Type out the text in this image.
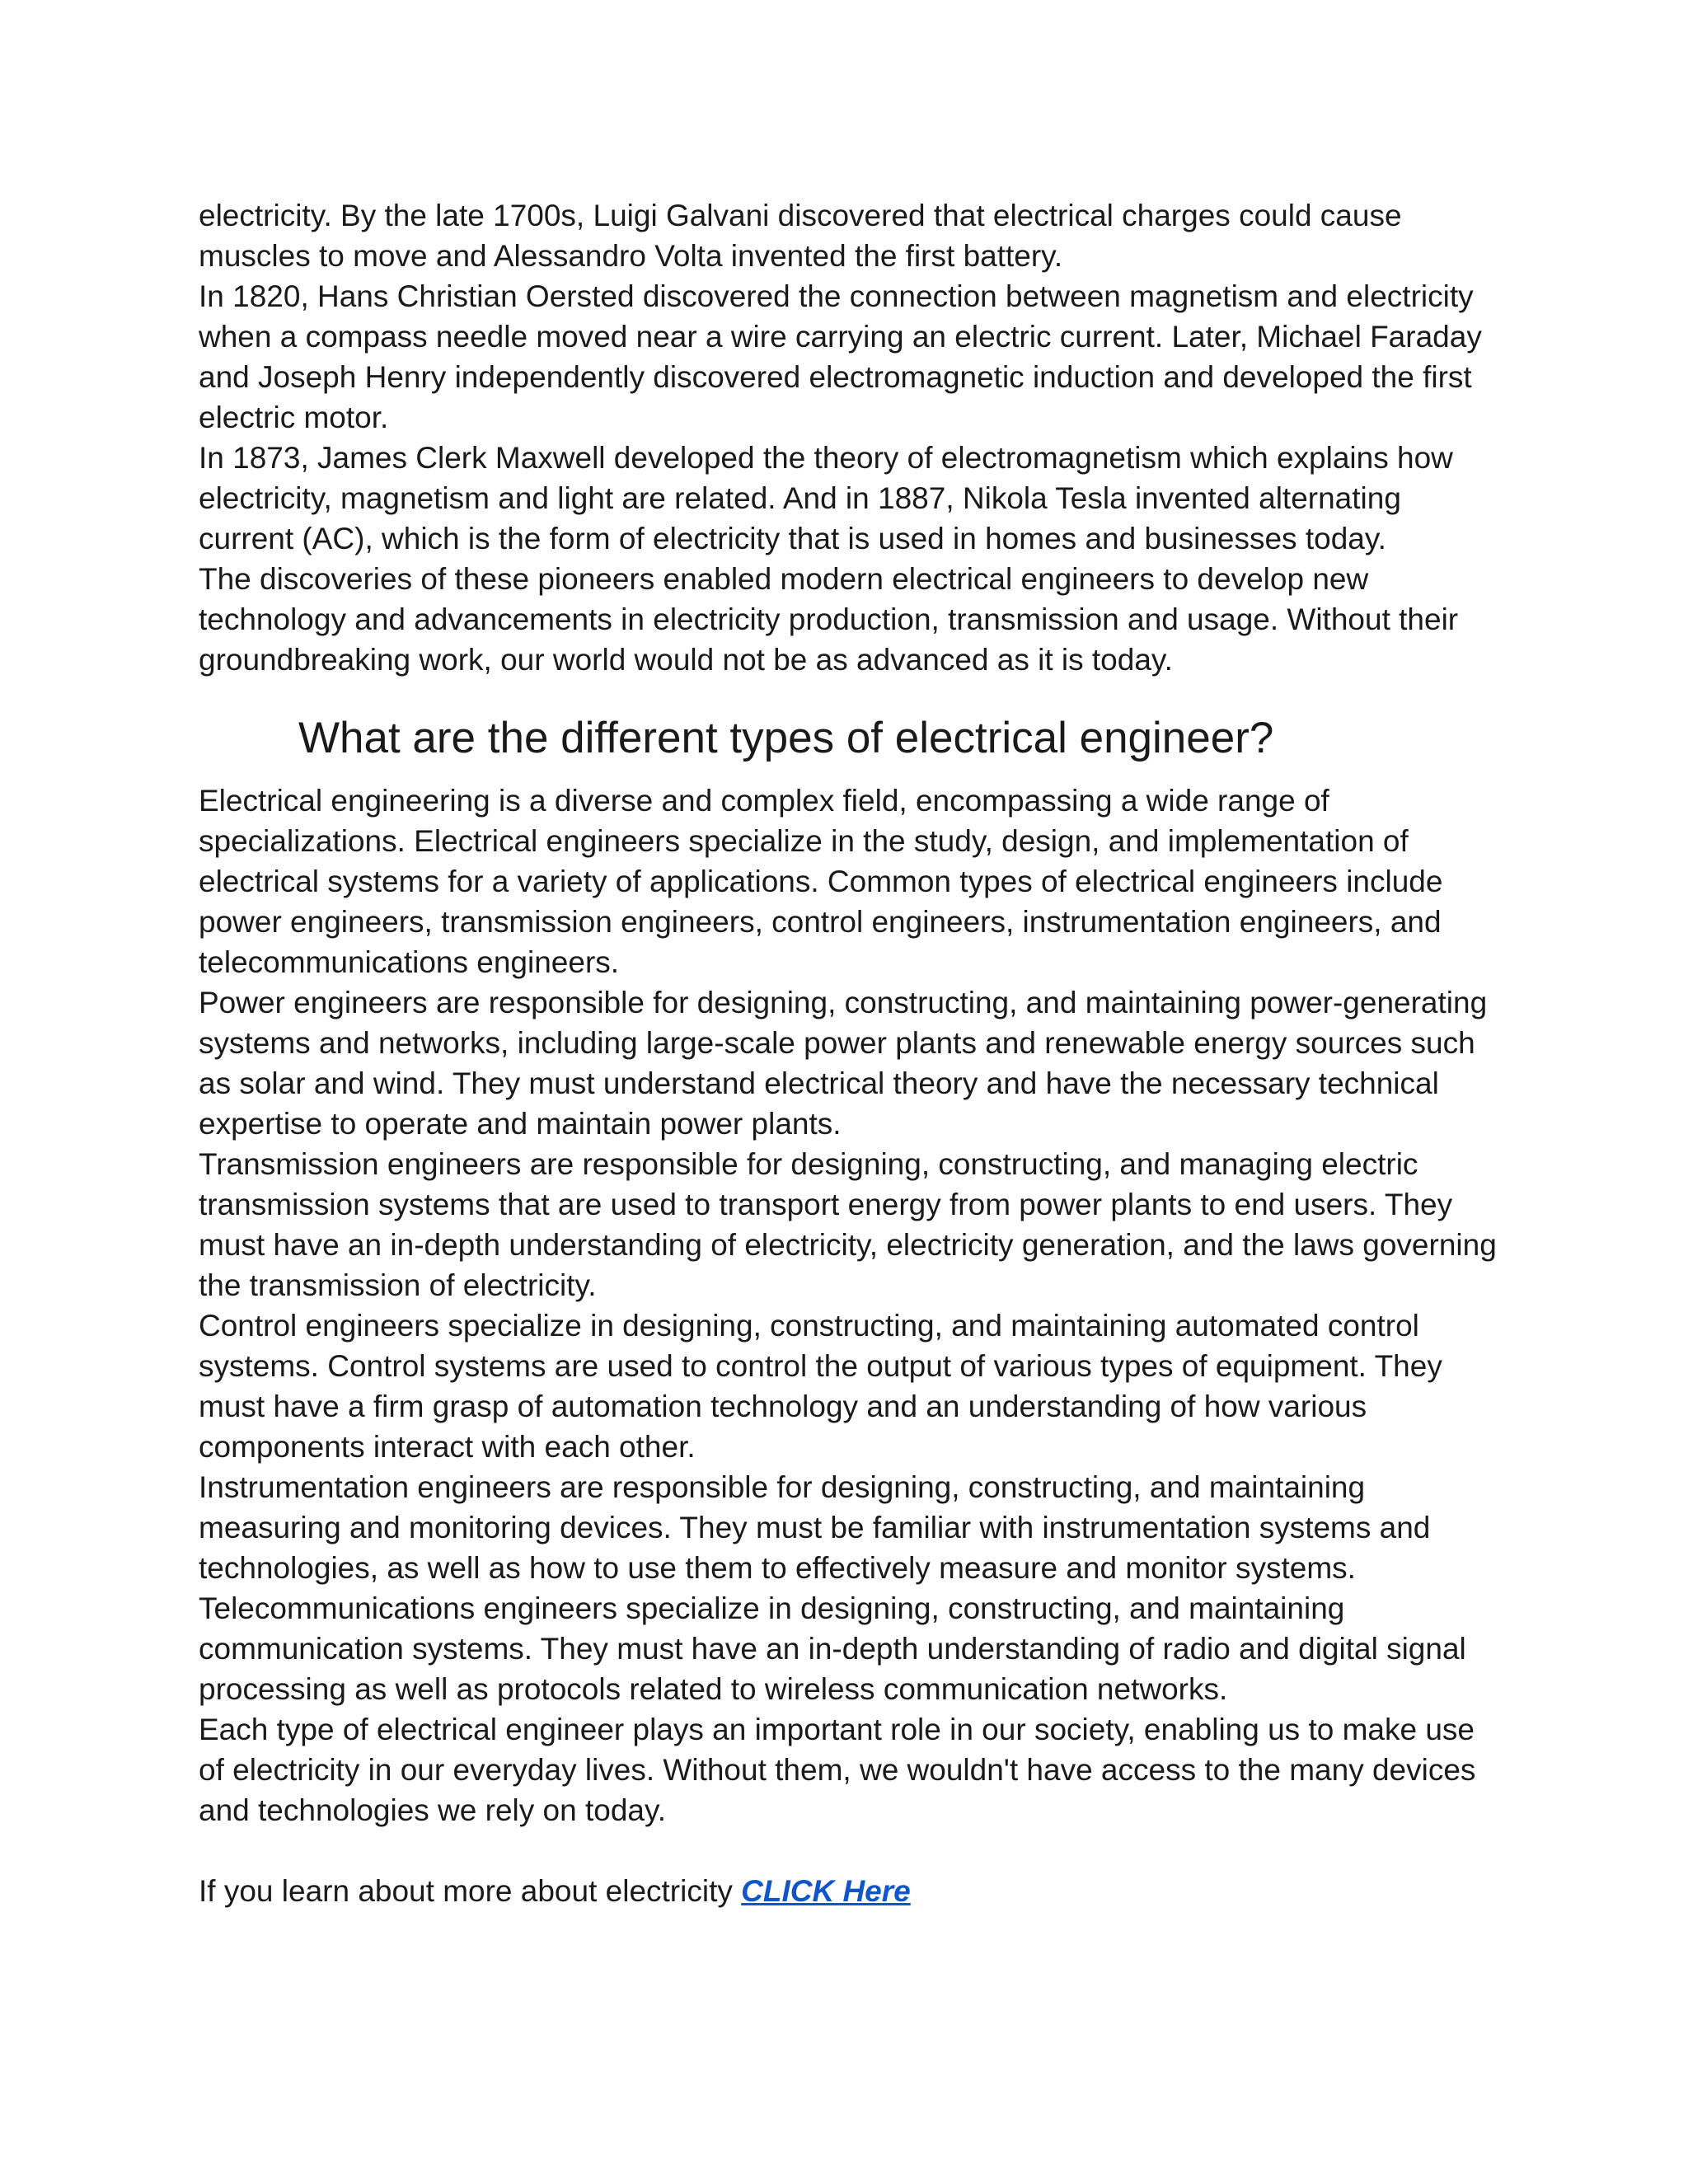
electricity. By the late 1700s, Luigi Galvani discovered that electrical charges could cause muscles to move and Alessandro Volta invented the first battery.

In 1820, Hans Christian Oersted discovered the connection between magnetism and electricity when a compass needle moved near a wire carrying an electric current. Later, Michael Faraday and Joseph Henry independently discovered electromagnetic induction and developed the first electric motor.

In 1873, James Clerk Maxwell developed the theory of electromagnetism which explains how electricity, magnetism and light are related. And in 1887, Nikola Tesla invented alternating current (AC), which is the form of electricity that is used in homes and businesses today.

The discoveries of these pioneers enabled modern electrical engineers to develop new technology and advancements in electricity production, transmission and usage. Without their groundbreaking work, our world would not be as advanced as it is today.

What are the different types of electrical engineer?

Electrical engineering is a diverse and complex field, encompassing a wide range of specializations. Electrical engineers specialize in the study, design, and implementation of electrical systems for a variety of applications. Common types of electrical engineers include power engineers, transmission engineers, control engineers, instrumentation engineers, and telecommunications engineers.

Power engineers are responsible for designing, constructing, and maintaining power-generating systems and networks, including large-scale power plants and renewable energy sources such as solar and wind. They must understand electrical theory and have the necessary technical expertise to operate and maintain power plants.

Transmission engineers are responsible for designing, constructing, and managing electric transmission systems that are used to transport energy from power plants to end users. They must have an in-depth understanding of electricity, electricity generation, and the laws governing the transmission of electricity.

Control engineers specialize in designing, constructing, and maintaining automated control systems. Control systems are used to control the output of various types of equipment. They must have a firm grasp of automation technology and an understanding of how various components interact with each other.

Instrumentation engineers are responsible for designing, constructing, and maintaining measuring and monitoring devices. They must be familiar with instrumentation systems and technologies, as well as how to use them to effectively measure and monitor systems.

Telecommunications engineers specialize in designing, constructing, and maintaining communication systems. They must have an in-depth understanding of radio and digital signal processing as well as protocols related to wireless communication networks.

Each type of electrical engineer plays an important role in our society, enabling us to make use of electricity in our everyday lives. Without them, we wouldn't have access to the many devices and technologies we rely on today.

If you learn about more about electricity CLICK Here
